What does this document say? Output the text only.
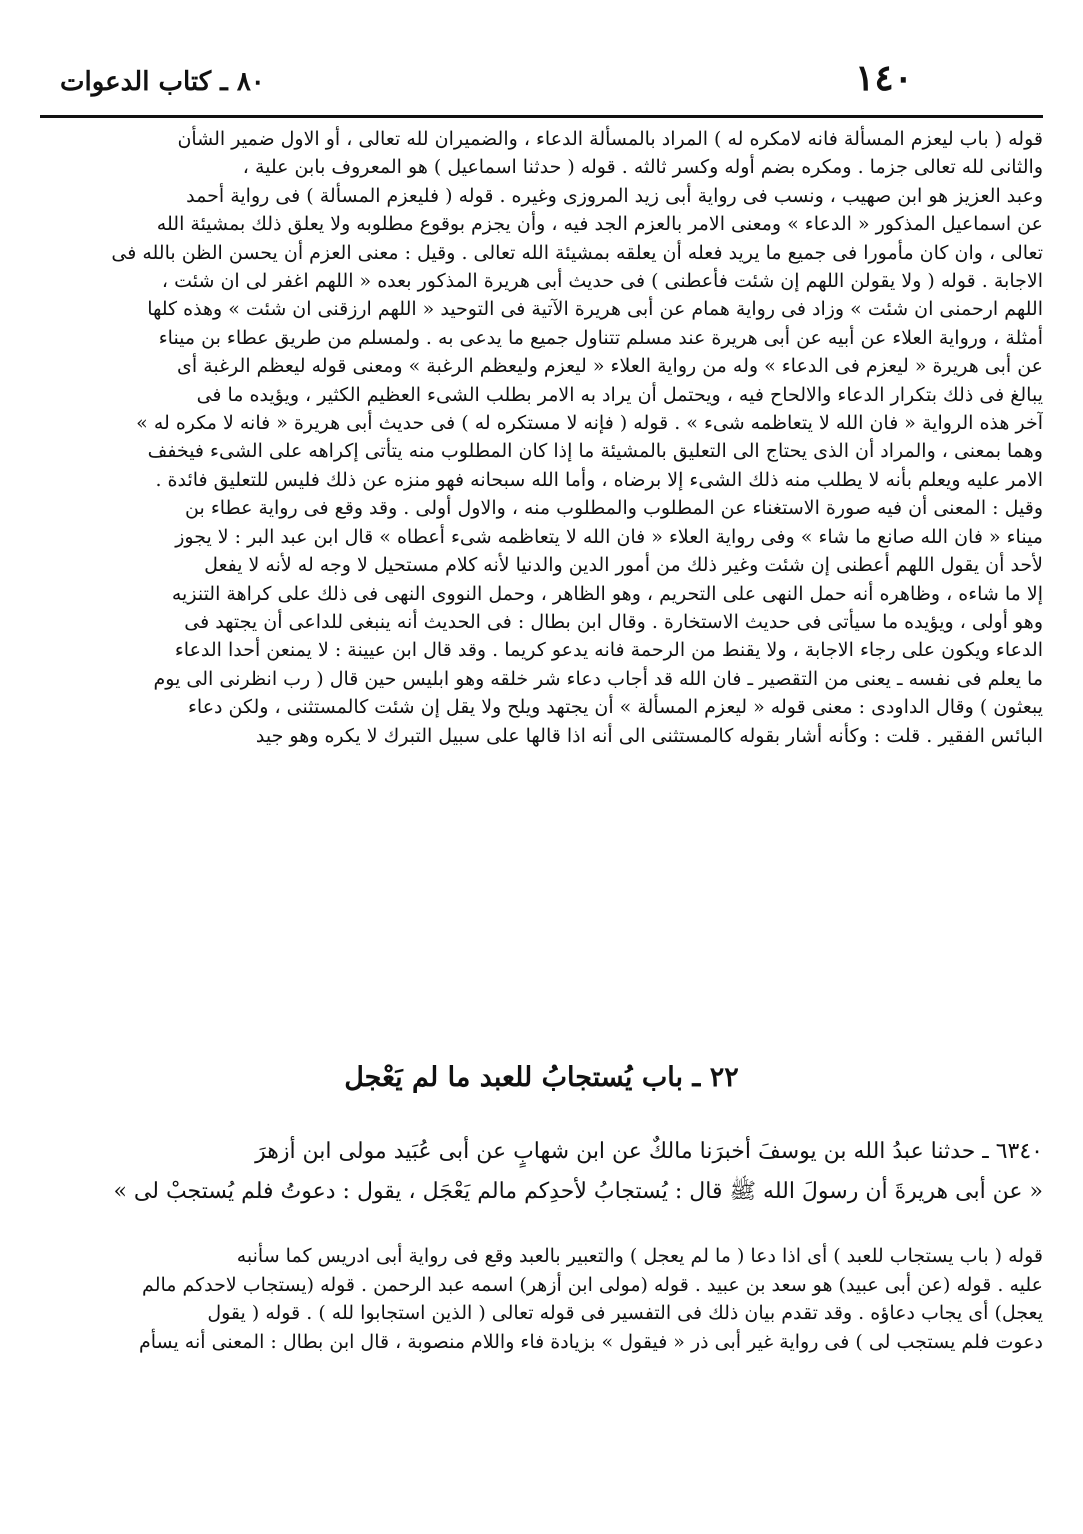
١٤٠
٨٠ ـ كتاب الدعوات
قوله ( باب ليعزم المسألة فانه لامكره له ) المراد بالمسألة الدعاء ، والضميران لله تعالى ، أو الاول ضمير الشأن
والثانى لله تعالى جزما . ومكره بضم أوله وكسر ثالثه . قوله ( حدثنا اسماعيل ) هو المعروف بابن علية ،
وعبد العزيز هو ابن صهيب ، ونسب فى رواية أبى زيد المروزى وغيره . قوله ( فليعزم المسألة ) فى رواية أحمد
عن اسماعيل المذكور « الدعاء » ومعنى الامر بالعزم الجد فيه ، وأن يجزم بوقوع مطلوبه ولا يعلق ذلك بمشيئة الله
تعالى ، وان كان مأمورا فى جميع ما يريد فعله أن يعلقه بمشيئة الله تعالى . وقيل : معنى العزم أن يحسن الظن بالله فى
الاجابة . قوله ( ولا يقولن اللهم إن شئت فأعطنى ) فى حديث أبى هريرة المذكور بعده « اللهم اغفر لى ان شئت ،
اللهم ارحمنى ان شئت » وزاد فى رواية همام عن أبى هريرة الآتية فى التوحيد « اللهم ارزقنى ان شئت » وهذه كلها
أمثلة ، ورواية العلاء عن أبيه عن أبى هريرة عند مسلم تتناول جميع ما يدعى به . ولمسلم من طريق عطاء بن ميناء
عن أبى هريرة « ليعزم فى الدعاء » وله من رواية العلاء « ليعزم وليعظم الرغبة » ومعنى قوله ليعظم الرغبة أى
يبالغ فى ذلك بتكرار الدعاء والالحاح فيه ، ويحتمل أن يراد به الامر بطلب الشىء العظيم الكثير ، ويؤيده ما فى
آخر هذه الرواية « فان الله لا يتعاظمه شىء » . قوله ( فإنه لا مستكره له ) فى حديث أبى هريرة « فانه لا مكره له »
وهما بمعنى ، والمراد أن الذى يحتاج الى التعليق بالمشيئة ما إذا كان المطلوب منه يتأتى إكراهه على الشىء فيخفف
الامر عليه ويعلم بأنه لا يطلب منه ذلك الشىء إلا برضاه ، وأما الله سبحانه فهو منزه عن ذلك فليس للتعليق فائدة .
وقيل : المعنى أن فيه صورة الاستغناء عن المطلوب والمطلوب منه ، والاول أولى . وقد وقع فى رواية عطاء بن
ميناء « فان الله صانع ما شاء » وفى رواية العلاء « فان الله لا يتعاظمه شىء أعطاه » قال ابن عبد البر : لا يجوز
لأحد أن يقول اللهم أعطنى إن شئت وغير ذلك من أمور الدين والدنيا لأنه كلام مستحيل لا وجه له لأنه لا يفعل
إلا ما شاءه ، وظاهره أنه حمل النهى على التحريم ، وهو الظاهر ، وحمل النووى النهى فى ذلك على كراهة التنزيه
وهو أولى ، ويؤيده ما سيأتى فى حديث الاستخارة . وقال ابن بطال : فى الحديث أنه ينبغى للداعى أن يجتهد فى
الدعاء ويكون على رجاء الاجابة ، ولا يقنط من الرحمة فانه يدعو كريما . وقد قال ابن عيينة : لا يمنعن أحدا الدعاء
ما يعلم فى نفسه ـ يعنى من التقصير ـ فان الله قد أجاب دعاء شر خلقه وهو ابليس حين قال ( رب انظرنى الى يوم
يبعثون ) وقال الداودى : معنى قوله « ليعزم المسألة » أن يجتهد ويلح ولا يقل إن شئت كالمستثنى ، ولكن دعاء
البائس الفقير . قلت : وكأنه أشار بقوله كالمستثنى الى أنه اذا قالها على سبيل التبرك لا يكره وهو جيد
٢٢ ـ باب يُستجابُ للعبد ما لم يَعْجل
٦٣٤٠ ـ حدثنا عبدُ الله بن يوسفَ أخبرَنا مالكٌ عن ابن شهابٍ عن أبى عُبَيد مولى ابن أزهرَ
« عن أبى هريرةَ أن رسولَ الله ﷺ قال : يُستجابُ لأحدِكم مالم يَعْجَل ، يقول : دعوتُ فلم يُستجبْ لى »
قوله ( باب يستجاب للعبد ) أى اذا دعا ( ما لم يعجل ) والتعبير بالعبد وقع فى رواية أبى ادريس كما سأنبه
عليه . قوله (عن أبى عبيد) هو سعد بن عبيد . قوله (مولى ابن أزهر) اسمه عبد الرحمن . قوله (يستجاب لاحدكم مالم
يعجل) أى يجاب دعاؤه . وقد تقدم بيان ذلك فى التفسير فى قوله تعالى ( الذين استجابوا لله ) . قوله ( يقول
دعوت فلم يستجب لى ) فى رواية غير أبى ذر « فيقول » بزيادة فاء واللام منصوبة ، قال ابن بطال : المعنى أنه يسأم
